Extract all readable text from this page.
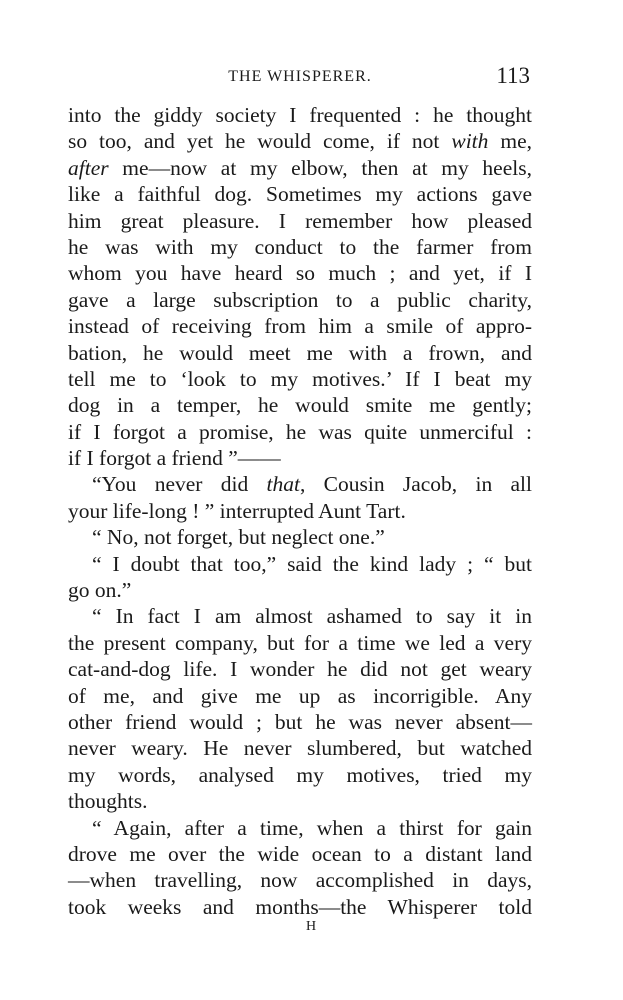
THE WHISPERER.	113
into the giddy society I frequented : he thought
so too, and yet he would come, if not with me,
after me—now at my elbow, then at my heels,
like a faithful dog. Sometimes my actions gave
him great pleasure. I remember how pleased
he was with my conduct to the farmer from
whom you have heard so much ; and yet, if I
gave a large subscription to a public charity,
instead of receiving from him a smile of appro-
bation, he would meet me with a frown, and
tell me to ‘look to my motives.’ If I beat my
dog in a temper, he would smite me gently;
if I forgot a promise, he was quite unmerciful :
if I forgot a friend ”——
“You never did that, Cousin Jacob, in all
your life-long ! ” interrupted Aunt Tart.
“ No, not forget, but neglect one.”
“ I doubt that too,” said the kind lady ; “ but
go on.”
“ In fact I am almost ashamed to say it in
the present company, but for a time we led a very
cat-and-dog life. I wonder he did not get weary
of me, and give me up as incorrigible. Any
other friend would ; but he was never absent—
never weary. He never slumbered, but watched
my words, analysed my motives, tried my
thoughts.
“ Again, after a time, when a thirst for gain
drove me over the wide ocean to a distant land
—when travelling, now accomplished in days,
took weeks and months—the Whisperer told
H
